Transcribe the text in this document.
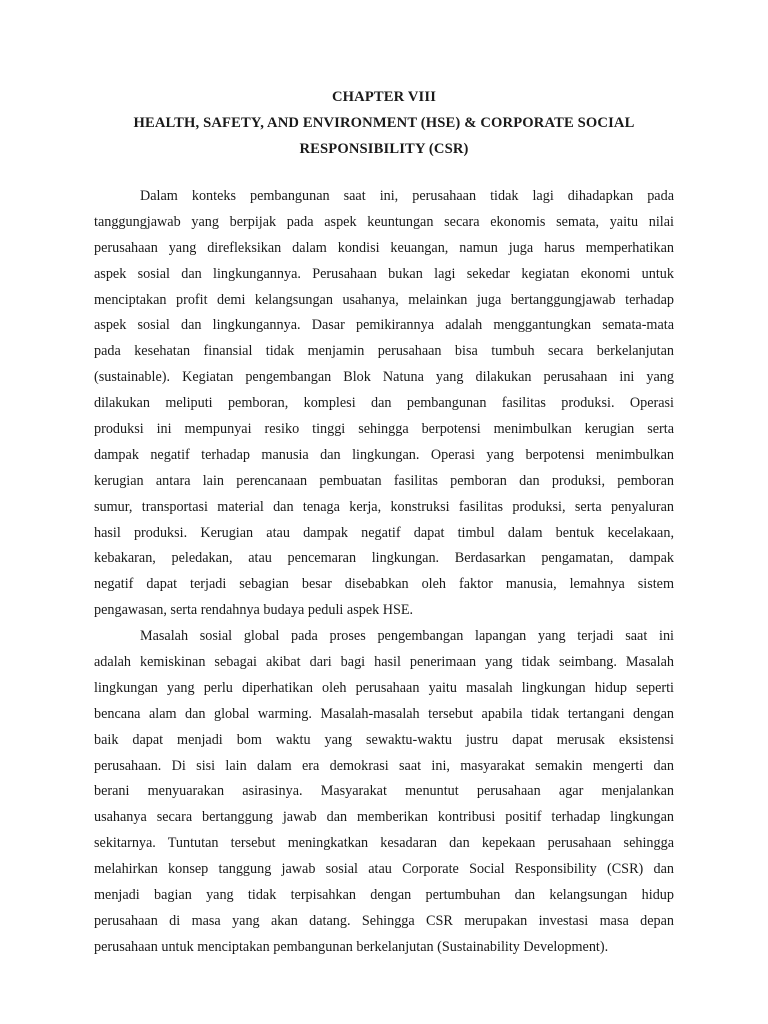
CHAPTER VIII
HEALTH, SAFETY, AND ENVIRONMENT (HSE) & CORPORATE SOCIAL
RESPONSIBILITY (CSR)
Dalam konteks pembangunan saat ini, perusahaan tidak lagi dihadapkan pada
tanggungjawab yang berpijak pada aspek keuntungan secara ekonomis semata, yaitu nilai
perusahaan yang direfleksikan dalam kondisi keuangan, namun juga harus memperhatikan
aspek sosial dan lingkungannya. Perusahaan bukan lagi sekedar kegiatan ekonomi untuk
menciptakan profit demi kelangsungan usahanya, melainkan juga bertanggungjawab terhadap
aspek sosial dan lingkungannya. Dasar pemikirannya adalah menggantungkan semata-mata
pada kesehatan finansial tidak menjamin perusahaan bisa tumbuh secara berkelanjutan
(sustainable). Kegiatan pengembangan Blok Natuna yang dilakukan perusahaan ini yang
dilakukan meliputi pemboran, komplesi dan pembangunan fasilitas produksi. Operasi
produksi ini mempunyai resiko tinggi sehingga berpotensi menimbulkan kerugian serta
dampak negatif terhadap manusia dan lingkungan. Operasi yang berpotensi menimbulkan
kerugian antara lain perencanaan pembuatan fasilitas pemboran dan produksi, pemboran
sumur, transportasi material dan tenaga kerja, konstruksi fasilitas produksi, serta penyaluran
hasil produksi. Kerugian atau dampak negatif dapat timbul dalam bentuk kecelakaan,
kebakaran, peledakan, atau pencemaran lingkungan. Berdasarkan pengamatan, dampak
negatif dapat terjadi sebagian besar disebabkan oleh faktor manusia, lemahnya sistem
pengawasan, serta rendahnya budaya peduli aspek HSE.
Masalah sosial global pada proses pengembangan lapangan yang terjadi saat ini
adalah kemiskinan sebagai akibat dari bagi hasil penerimaan yang tidak seimbang. Masalah
lingkungan yang perlu diperhatikan oleh perusahaan yaitu masalah lingkungan hidup seperti
bencana alam dan global warming. Masalah-masalah tersebut apabila tidak tertangani dengan
baik dapat menjadi bom waktu yang sewaktu-waktu justru dapat merusak eksistensi
perusahaan. Di sisi lain dalam era demokrasi saat ini, masyarakat semakin mengerti dan
berani menyuarakan asirasinya. Masyarakat menuntut perusahaan agar menjalankan
usahanya secara bertanggung jawab dan memberikan kontribusi positif terhadap lingkungan
sekitarnya. Tuntutan tersebut meningkatkan kesadaran dan kepekaan perusahaan sehingga
melahirkan konsep tanggung jawab sosial atau Corporate Social Responsibility (CSR) dan
menjadi bagian yang tidak terpisahkan dengan pertumbuhan dan kelangsungan hidup
perusahaan di masa yang akan datang. Sehingga CSR merupakan investasi masa depan
perusahaan untuk menciptakan pembangunan berkelanjutan (Sustainability Development).
